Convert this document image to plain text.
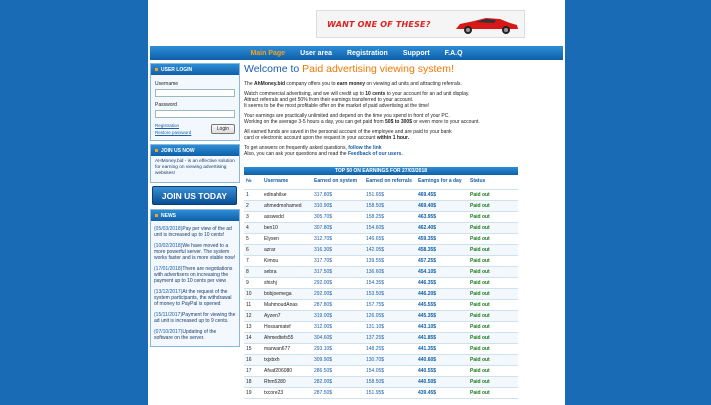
WANT ONE OF THESE?
Main Page User area Registration Support F.A.Q
USER LOGIN
Username
Password
Registration
Restore password
Login
JOIN US NOW
AHMoney.bid - is an effective solution for earning on viewing advertising websites!
JOIN US TODAY
NEWS

(05/03/2018)Pay per view of the ad unit is increased up to 10 cents!

(10/02/2018)We have moved to a more powerful server. The system works faster and is more stable now!

(17/01/2018)There are negotiations with advertisers on increasing the payment up to 10 cents per view

(13/12/2017)At the request of the system participants, the withdrawal of money to PayPal is opened

(15/11/2017)Payment for viewing the ad unit is increased up to 9 cents.

(07/10/2017)Updating of the software on the server.

Welcome to Paid advertising viewing system!

The AhMoney.bid company offers you to earn money on viewing ad units and attracting referrals.

Watch commercial advertising, and we will credit up to 10 cents to your account for an ad unit display.
Attract referrals and get 50% from their earnings transferred to your account.
It seems to be the most profitable offer on the market of paid advertising at the time!

Your earnings are practically unlimited and depend on the time you spend in front of your PC.
Working on the average 3-5 hours a day, you can get paid from 50$ to 300$ or even more to your account.

All earned funds are saved in the personal account of the employee and are paid to your bank
card or electronic account upon the request in your account within 1 hour.

To get answers on frequently asked questions, follow the link
Also, you can ask your questions and read the Feedback of our users.

TOP 50 ON EARNINGS FOR 27/03/2018
№	Username	Earned on system	Earned on referrals	Earnings for a day	Status
1	edinahilse	317.80$	151.65$	469.45$	Paid out
2	ahmedmohamed	310.90$	158.50$	469.40$	Paid out
3	asswedd	305.70$	158.25$	463.95$	Paid out
4	ben10	307.80$	154.60$	462.40$	Paid out
5	Elysen	312.70$	146.65$	459.35$	Paid out
6	azrar	316.30$	142.05$	458.35$	Paid out
7	Kimou	317.70$	139.55$	457.25$	Paid out
8	sebra	317.50$	136.60$	454.10$	Paid out
9	shishj	292.00$	154.35$	446.35$	Paid out
10	bobjoemega	292.00$	153.50$	446.20$	Paid out
11	MahmoudAnas	287.80$	157.75$	445.55$	Paid out
12	Ayzen7	319.00$	126.05$	445.35$	Paid out
13	Hossamatef	312.00$	131.10$	443.10$	Paid out
14	Ahmedtefs55	304.60$	137.25$	441.85$	Paid out
15	marwan677	293.10$	148.25$	441.35$	Paid out
16	txjxbxh	309.90$	130.70$	440.60$	Paid out
17	Afvaf206080	286.50$	154.05$	440.55$	Paid out
18	Rhm5280	282.00$	158.50$	440.50$	Paid out
19	txcore23	287.50$	151.95$	439.45$	Paid out
